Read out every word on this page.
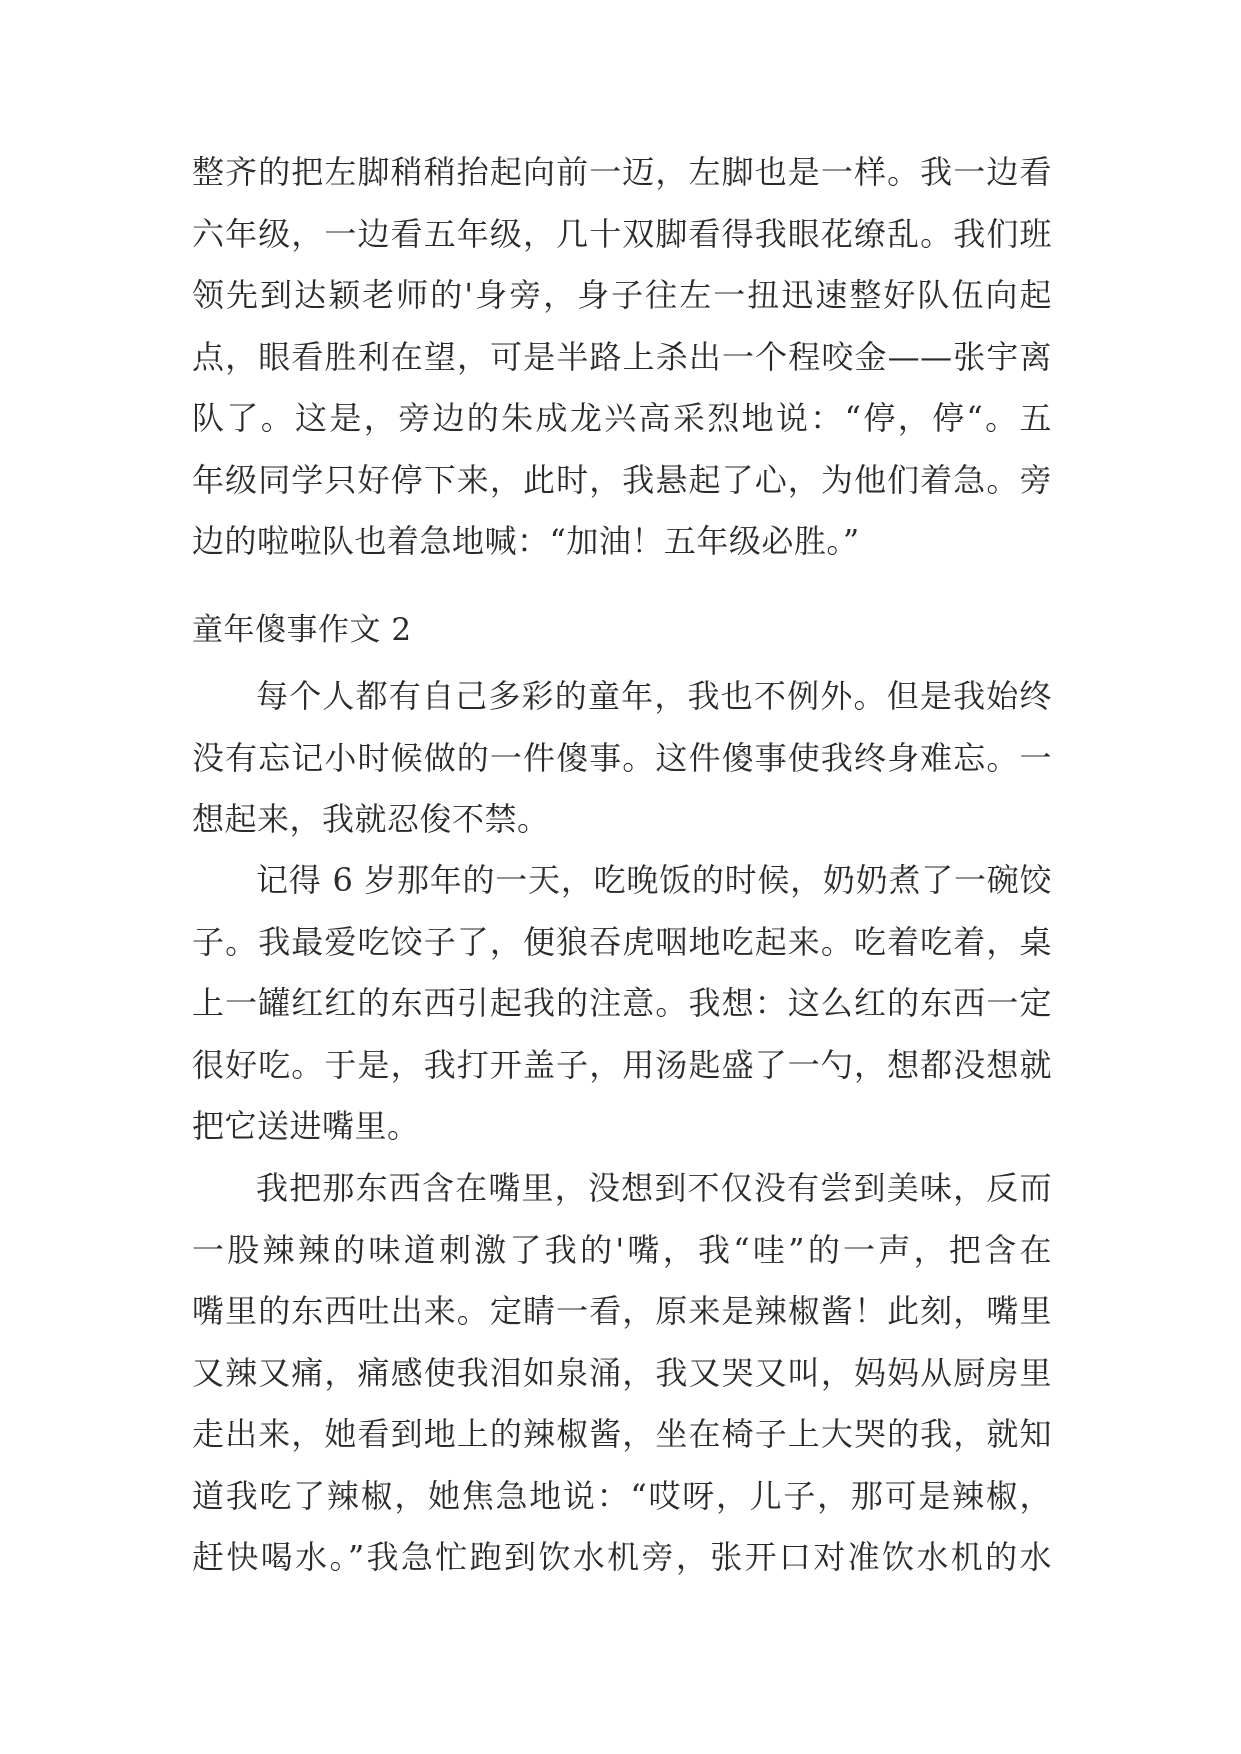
整齐的把左脚稍稍抬起向前一迈，左脚也是一样。我一边看
六年级，一边看五年级，几十双脚看得我眼花缭乱。我们班
领先到达颖老师的'身旁，身子往左一扭迅速整好队伍向起
点，眼看胜利在望，可是半路上杀出一个程咬金——张宇离
队了。这是，旁边的朱成龙兴高采烈地说：“停，停“。五
年级同学只好停下来，此时，我悬起了心，为他们着急。旁
边的啦啦队也着急地喊：“加油！五年级必胜。”
童年傻事作文 2
每个人都有自己多彩的童年，我也不例外。但是我始终
没有忘记小时候做的一件傻事。这件傻事使我终身难忘。一
想起来，我就忍俊不禁。
记得 6 岁那年的一天，吃晚饭的时候，奶奶煮了一碗饺
子。我最爱吃饺子了，便狼吞虎咽地吃起来。吃着吃着，桌
上一罐红红的东西引起我的注意。我想：这么红的东西一定
很好吃。于是，我打开盖子，用汤匙盛了一勺，想都没想就
把它送进嘴里。
我把那东西含在嘴里，没想到不仅没有尝到美味，反而
一股辣辣的味道刺激了我的'嘴，我“哇”的一声，把含在
嘴里的东西吐出来。定睛一看，原来是辣椒酱！此刻，嘴里
又辣又痛，痛感使我泪如泉涌，我又哭又叫，妈妈从厨房里
走出来，她看到地上的辣椒酱，坐在椅子上大哭的我，就知
道我吃了辣椒，她焦急地说：“哎呀，儿子，那可是辣椒，
赶快喝水。”我急忙跑到饮水机旁，张开口对准饮水机的水
